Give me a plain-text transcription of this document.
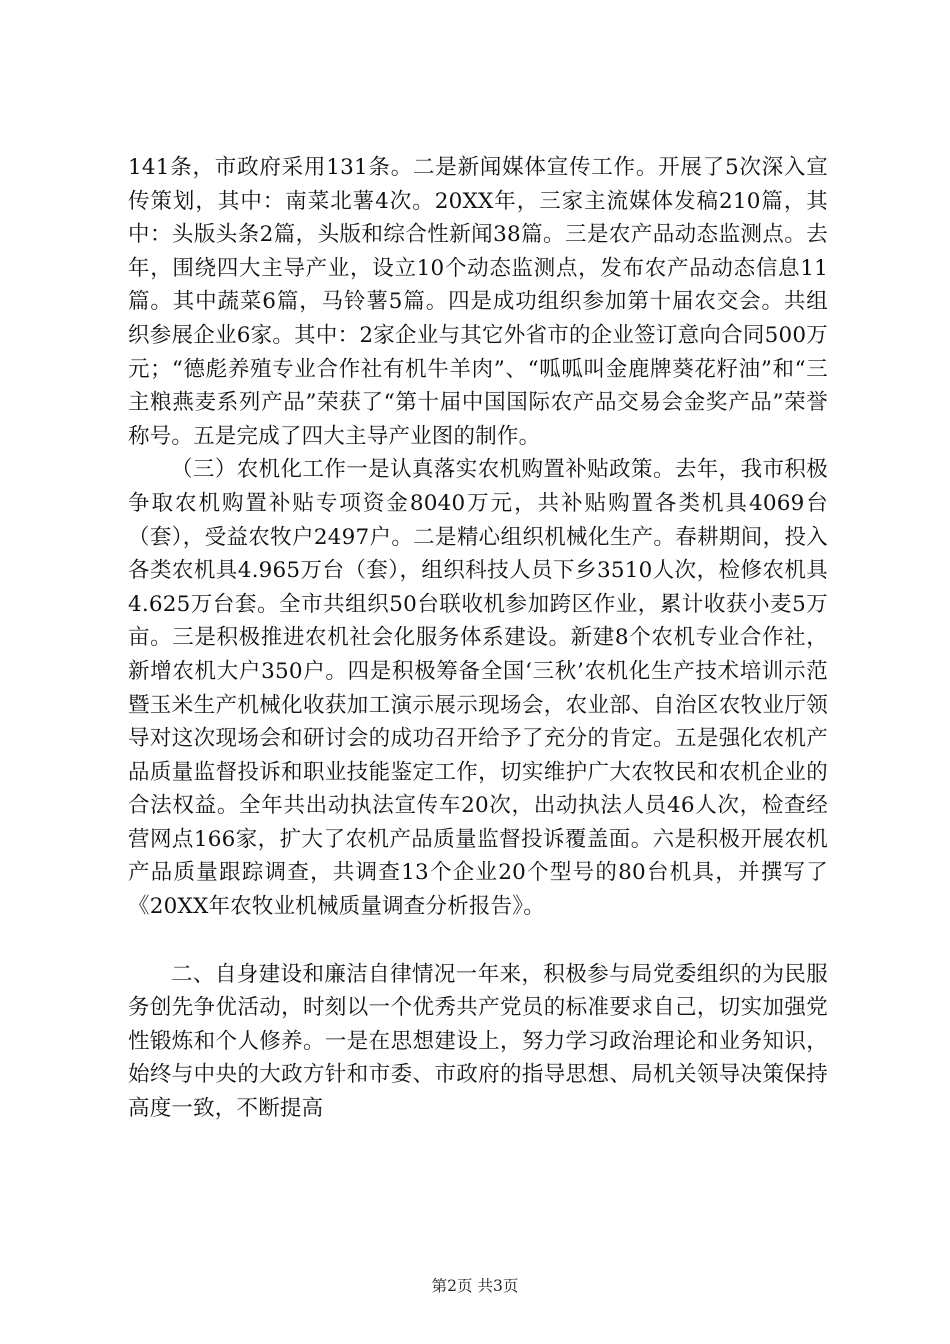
141条，市政府采用131条。二是新闻媒体宣传工作。开展了5次深入宣传策划，其中：南菜北薯4次。20XX年，三家主流媒体发稿210篇，其中：头版头条2篇，头版和综合性新闻38篇。三是农产品动态监测点。去年，围绕四大主导产业，设立10个动态监测点，发布农产品动态信息11篇。其中蔬菜6篇，马铃薯5篇。四是成功组织参加第十届农交会。共组织参展企业6家。其中：2家企业与其它外省市的企业签订意向合同500万元；“德彪养殖专业合作社有机牛羊肉”、“呱呱叫金鹿牌葵花籽油”和“三主粮燕麦系列产品”荣获了“第十届中国国际农产品交易会金奖产品”荣誉称号。五是完成了四大主导产业图的制作。

（三）农机化工作一是认真落实农机购置补贴政策。去年，我市积极争取农机购置补贴专项资金8040万元，共补贴购置各类机具4069台（套），受益农牧户2497户。二是精心组织机械化生产。春耕期间，投入各类农机具4.965万台（套），组织科技人员下乡3510人次，检修农机具4.625万台套。全市共组织50台联收机参加跨区作业，累计收获小麦5万亩。三是积极推进农机社会化服务体系建设。新建8个农机专业合作社，新增农机大户350户。四是积极筹备全国‘三秋’农机化生产技术培训示范暨玉米生产机械化收获加工演示展示现场会，农业部、自治区农牧业厅领导对这次现场会和研讨会的成功召开给予了充分的肯定。五是强化农机产品质量监督投诉和职业技能鉴定工作，切实维护广大农牧民和农机企业的合法权益。全年共出动执法宣传车20次，出动执法人员46人次，检查经营网点166家，扩大了农机产品质量监督投诉覆盖面。六是积极开展农机产品质量跟踪调查，共调查13个企业20个型号的80台机具，并撰写了《20XX年农牧业机械质量调查分析报告》。

二、自身建设和廉洁自律情况一年来，积极参与局党委组织的为民服务创先争优活动，时刻以一个优秀共产党员的标准要求自己，切实加强党性锻炼和个人修养。一是在思想建设上，努力学习政治理论和业务知识，始终与中央的大政方针和市委、市政府的指导思想、局机关领导决策保持高度一致，不断提高

第2页 共3页
